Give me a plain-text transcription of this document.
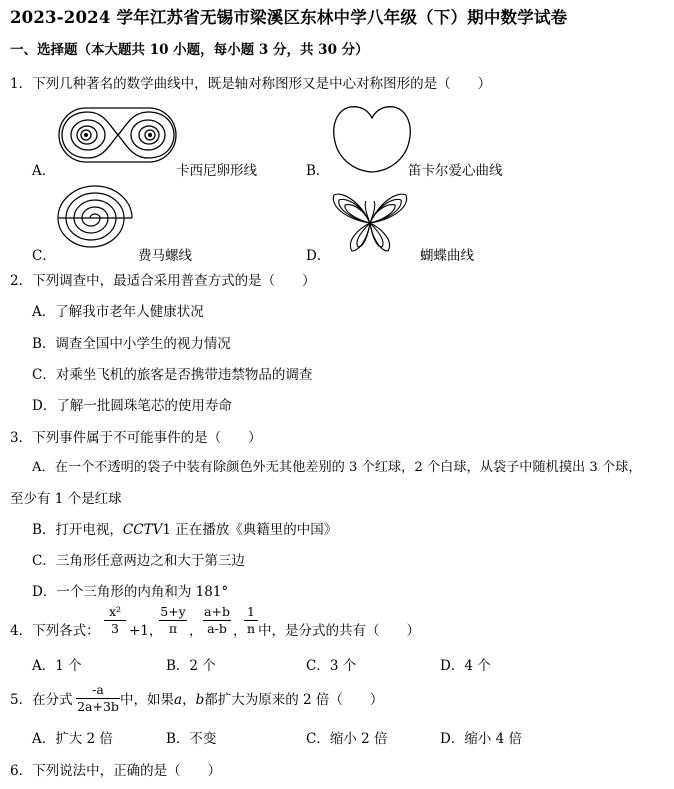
2023-2024 学年江苏省无锡市梁溪区东林中学八年级（下）期中数学试卷
一、选择题（本大题共 10 小题，每小题 3 分，共 30 分）
1．下列几种著名的数学曲线中，既是轴对称图形又是中心对称图形的是（　　）
A．	卡西尼卵形线	B．	笛卡尔爱心曲线
C．	费马螺线	D．	蝴蝶曲线
2．下列调查中，最适合采用普查方式的是（　　）
A．了解我市老年人健康状况
B．调查全国中小学生的视力情况
C．对乘坐飞机的旅客是否携带违禁物品的调查
D．了解一批圆珠笔芯的使用寿命
3．下列事件属于不可能事件的是（　　）
A．在一个不透明的袋子中装有除颜色外无其他差别的 3 个红球，2 个白球，从袋子中随机摸出 3 个球，
至少有 1 个是红球
B．打开电视，CCTV1 正在播放《典籍里的中国》
C．三角形任意两边之和大于第三边
D．一个三角形的内角和为 181°
4．下列各式：
x²
3 +1，
5+y
π ，
a+b
a-b ，
1
n 中，是分式的共有（　　）
A．1 个	B．2 个	C．3 个	D．4 个
5．在分式
-a
2a+3b 中，如果a，b都扩大为原来的 2 倍（　　）
A．扩大 2 倍	B．不变	C．缩小 2 倍	D．缩小 4 倍
6．下列说法中，正确的是（　　）
